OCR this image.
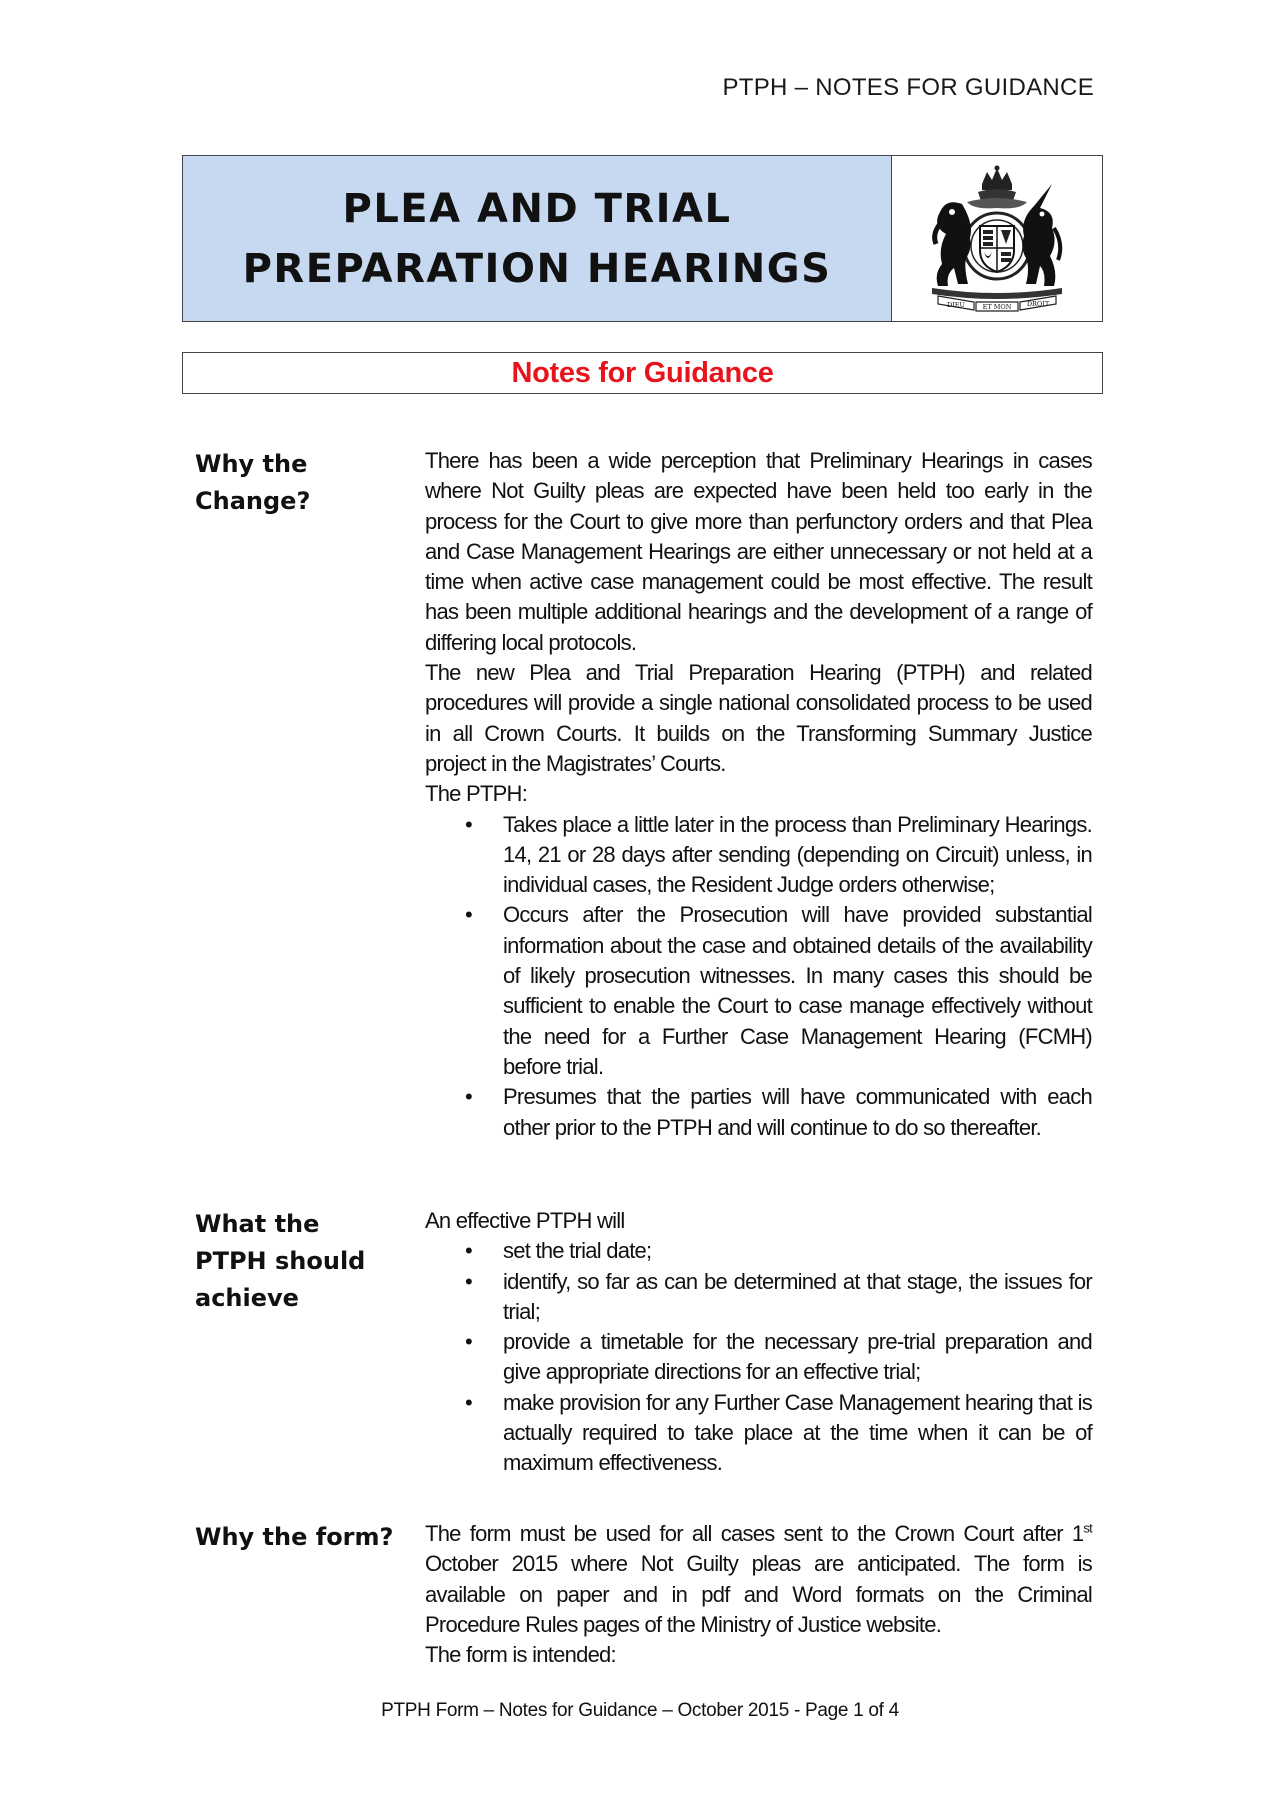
PTPH – NOTES FOR GUIDANCE
PLEA AND TRIAL
PREPARATION HEARINGS
DIEU	ET MON DROIT
Notes for Guidance
Why the
Change?

There has been a wide perception that Preliminary Hearings in cases where Not Guilty pleas are expected have been held too early in the process for the Court to give more than perfunctory orders and that Plea and Case Management Hearings are either unnecessary or not held at a time when active case management could be most effective. The result has been multiple additional hearings and the development of a range of differing local protocols.

The new Plea and Trial Preparation Hearing (PTPH) and related procedures will provide a single national consolidated process to be used in all Crown Courts. It builds on the Transforming Summary Justice project in the Magistrates’ Courts.

The PTPH:

• Takes place a little later in the process than Preliminary Hearings. 14, 21 or 28 days after sending (depending on Circuit) unless, in individual cases, the Resident Judge orders otherwise;
• Occurs after the Prosecution will have provided substantial information about the case and obtained details of the availability of likely prosecution witnesses. In many cases this should be sufficient to enable the Court to case manage effectively without the need for a Further Case Management Hearing (FCMH) before trial.
• Presumes that the parties will have communicated with each other prior to the PTPH and will continue to do so thereafter.
What the
PTPH should
achieve

An effective PTPH will

• set the trial date;
• identify, so far as can be determined at that stage, the issues for trial;
• provide a timetable for the necessary pre-trial preparation and give appropriate directions for an effective trial;
• make provision for any Further Case Management hearing that is actually required to take place at the time when it can be of maximum effectiveness.
Why the form?	The form must be used for all cases sent to the Crown Court after 1st October 2015 where Not Guilty pleas are anticipated. The form is available on paper and in pdf and Word formats on the Criminal Procedure Rules pages of the Ministry of Justice website.

The form is intended:

PTPH Form – Notes for Guidance – October 2015 - Page 1 of 4
